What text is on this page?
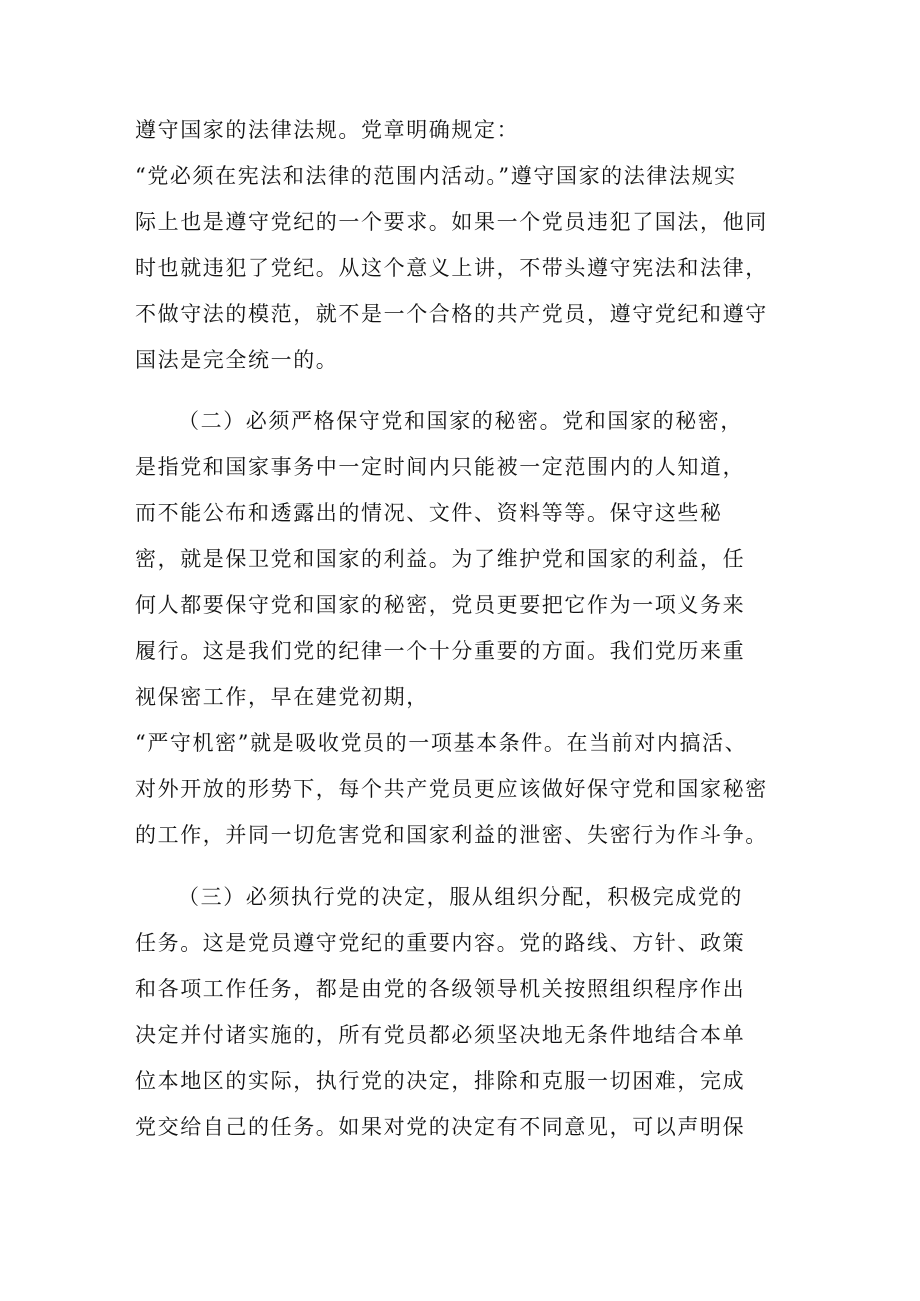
遵守国家的法律法规。党章明确规定：
“党必须在宪法和法律的范围内活动。”遵守国家的法律法规实
际上也是遵守党纪的一个要求。如果一个党员违犯了国法，他同
时也就违犯了党纪。从这个意义上讲，不带头遵守宪法和法律，
不做守法的模范，就不是一个合格的共产党员，遵守党纪和遵守
国法是完全统一的。
（二）必须严格保守党和国家的秘密。党和国家的秘密，
是指党和国家事务中一定时间内只能被一定范围内的人知道，
而不能公布和透露出的情况、文件、资料等等。保守这些秘
密，就是保卫党和国家的利益。为了维护党和国家的利益，任
何人都要保守党和国家的秘密，党员更要把它作为一项义务来
履行。这是我们党的纪律一个十分重要的方面。我们党历来重
视保密工作，早在建党初期，
“严守机密”就是吸收党员的一项基本条件。在当前对内搞活、
对外开放的形势下，每个共产党员更应该做好保守党和国家秘密
的工作，并同一切危害党和国家利益的泄密、失密行为作斗争。
（三）必须执行党的决定，服从组织分配，积极完成党的
任务。这是党员遵守党纪的重要内容。党的路线、方针、政策
和各项工作任务，都是由党的各级领导机关按照组织程序作出
决定并付诸实施的，所有党员都必须坚决地无条件地结合本单
位本地区的实际，执行党的决定，排除和克服一切困难，完成
党交给自己的任务。如果对党的决定有不同意见，可以声明保
